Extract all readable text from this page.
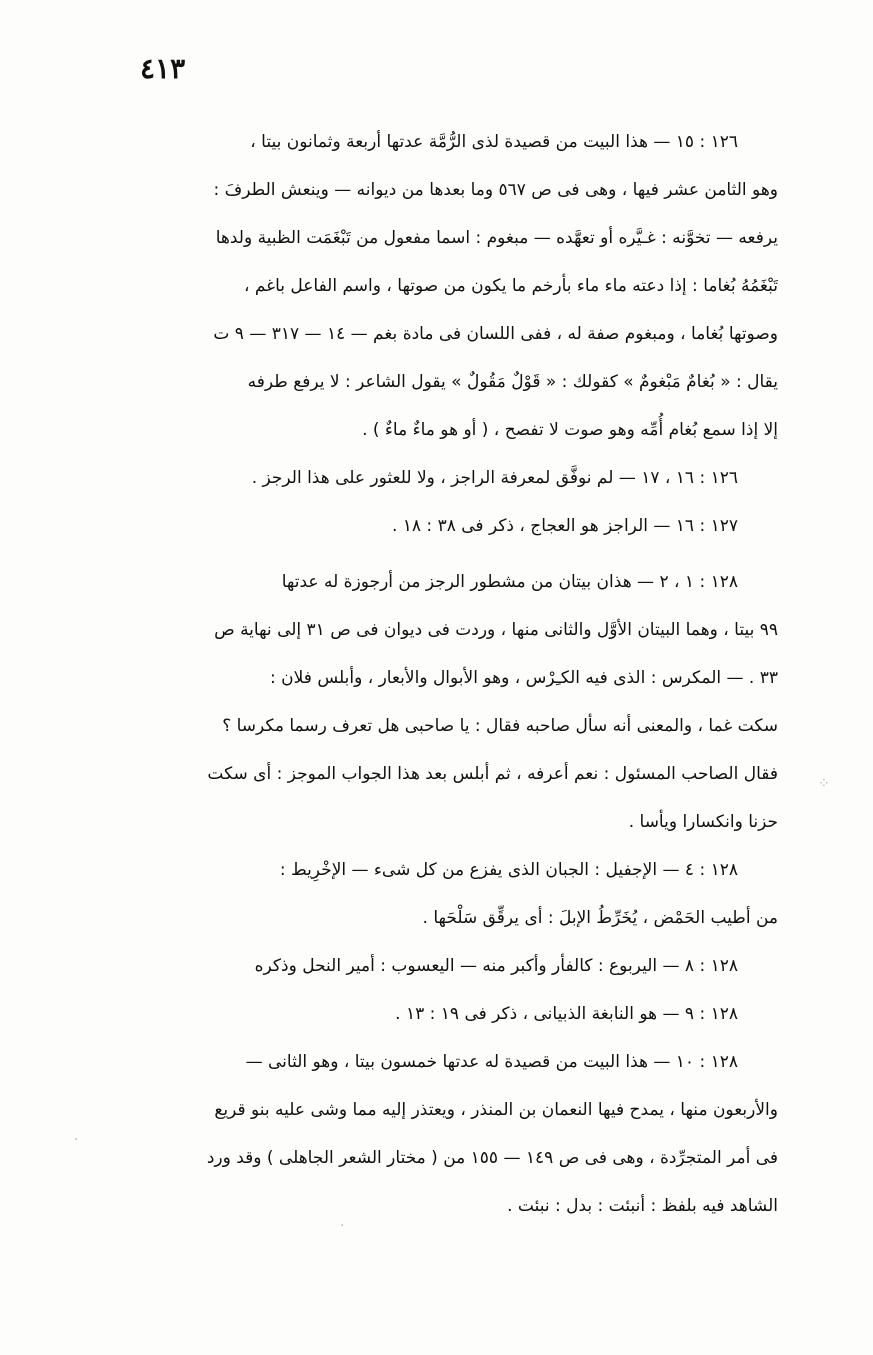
٤١٣
١٢٦ : ١٥ — هذا البيت من قصيدة لذى الرُّمَّة عدتها أربعة وثمانون بيتا ،
وهو الثامن عشر فيها ، وهى فى ص ٥٦٧ وما بعدها من ديوانه — وينعش الطرفَ :
يرفعه — تخوَّنه : غـيَّره أو تعهَّده — مبغوم : اسما مفعول من تَبْغَمَت الظبية ولدها
تَبْغَمُهُ بُغاما : إذا دعته ماء ماء بأرخم ما يكون من صوتها ، واسم الفاعل باغم ،
وصوتها بُغاما ، ومبغوم صفة له ، ففى اللسان فى مادة بغم — ١٤ — ٣١٧ — ٩ ت
يقال : « بُغامٌ مَبْغومٌ » كقولك : « قَوْلٌ مَقُولٌ » يقول الشاعر : لا يرفع طرفه
إلا إذا سمع بُغام أُمِّه وهو صوت لا تفصح ، ( أو هو ماءٌ ماءٌ ) .
١٢٦ : ١٦ ، ١٧ — لم نوفَّق لمعرفة الراجز ، ولا للعثور على هذا الرجز .
١٢٧ : ١٦ — الراجز هو العجاج ، ذكر فى ٣٨ : ١٨ .
١٢٨ : ١ ، ٢ — هذان بيتان من مشطور الرجز من أرجوزة له عدتها
٩٩ بيتا ، وهما البيتان الأوَّل والثانى منها ، وردت فى ديوان فى ص ٣١ إلى نهاية ص
٣٣ . — المكرس : الذى فيه الكـِرْس ، وهو الأبوال والأبعار ، وأبلس فلان :
سكت غما ، والمعنى أنه سأل صاحبه فقال : يا صاحبى هل تعرف رسما مكرسا ؟
فقال الصاحب المسئول : نعم أعرفه ، ثم أبلس بعد هذا الجواب الموجز : أى سكت
حزنا وانكسارا ويأسا .
١٢٨ : ٤ — الإجفيل : الجبان الذى يفزع من كل شىء — الإخْرِيط :
من أطيب الحَمْض ، يُخَرِّطُ الإبلَ : أى يرقِّق سَلْحَها .
١٢٨ : ٨ — اليربوع : كالفأر وأكبر منه — اليعسوب : أمير النحل وذكره
١٢٨ : ٩ — هو النابغة الذبيانى ، ذكر فى ١٩ : ١٣ .
١٢٨ : ١٠ — هذا البيت من قصيدة له عدتها خمسون بيتا ، وهو الثانى —
والأربعون منها ، يمدح فيها النعمان بن المنذر ، ويعتذر إليه مما وشى عليه بنو قريع
فى أمر المتجرِّدة ، وهى فى ص ١٤٩ — ١٥٥ من ( مختار الشعر الجاهلى ) وقد ورد
الشاهد فيه بلفظ : أنبئت : بدل : نبئت .
⁘
·
.
